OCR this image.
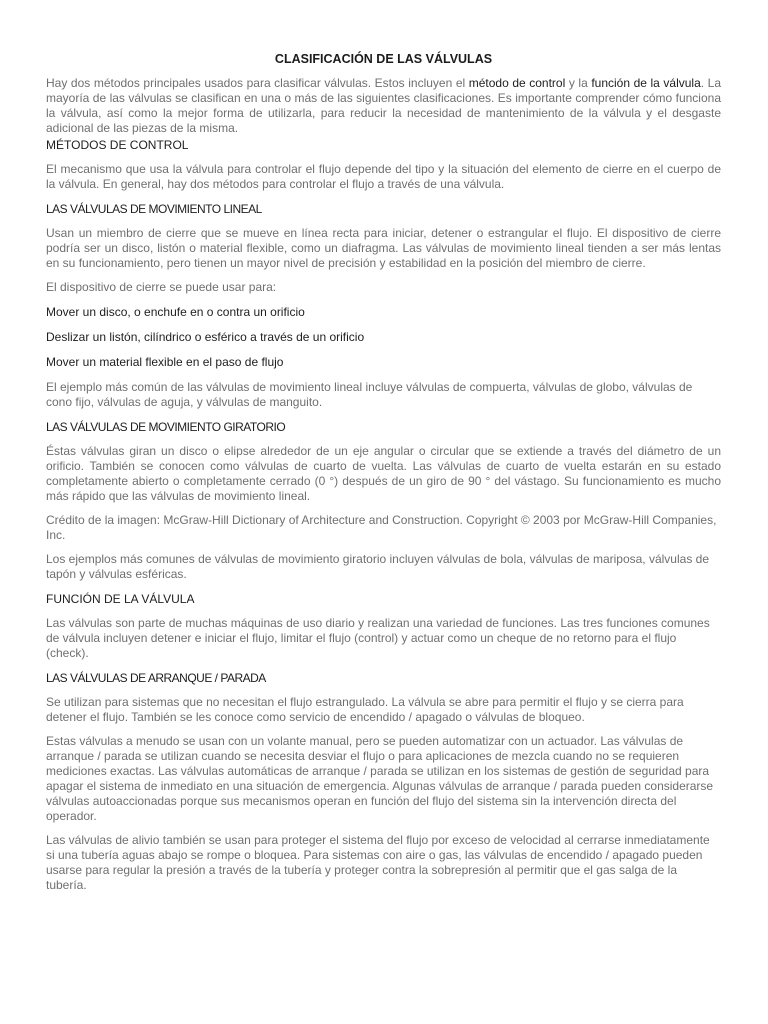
CLASIFICACIÓN DE LAS VÁLVULAS

Hay dos métodos principales usados para clasificar válvulas. Estos incluyen el método de control y la función de la válvula. La mayoría de las válvulas se clasifican en una o más de las siguientes clasificaciones. Es importante comprender cómo funciona la válvula, así como la mejor forma de utilizarla, para reducir la necesidad de mantenimiento de la válvula y el desgaste adicional de las piezas de la misma.

MÉTODOS DE CONTROL

El mecanismo que usa la válvula para controlar el flujo depende del tipo y la situación del elemento de cierre en el cuerpo de la válvula. En general, hay dos métodos para controlar el flujo a través de una válvula.

LAS VÁLVULAS DE MOVIMIENTO LINEAL

Usan un miembro de cierre que se mueve en línea recta para iniciar, detener o estrangular el flujo. El dispositivo de cierre podría ser un disco, listón o material flexible, como un diafragma. Las válvulas de movimiento lineal tienden a ser más lentas en su funcionamiento, pero tienen un mayor nivel de precisión y estabilidad en la posición del miembro de cierre.

El dispositivo de cierre se puede usar para:

Mover un disco, o enchufe en o contra un orificio

Deslizar un listón, cilíndrico o esférico a través de un orificio

Mover un material flexible en el paso de flujo

El ejemplo más común de las válvulas de movimiento lineal incluye válvulas de compuerta, válvulas de globo, válvulas de cono fijo, válvulas de aguja, y válvulas de manguito.

LAS VÁLVULAS DE MOVIMIENTO GIRATORIO

Éstas válvulas giran un disco o elipse alrededor de un eje angular o circular que se extiende a través del diámetro de un orificio. También se conocen como válvulas de cuarto de vuelta. Las válvulas de cuarto de vuelta estarán en su estado completamente abierto o completamente cerrado (0 °) después de un giro de 90 ° del vástago. Su funcionamiento es mucho más rápido que las válvulas de movimiento lineal.

Crédito de la imagen: McGraw-Hill Dictionary of Architecture and Construction. Copyright © 2003 por McGraw-Hill Companies, Inc.

Los ejemplos más comunes de válvulas de movimiento giratorio incluyen válvulas de bola, válvulas de mariposa, válvulas de tapón y válvulas esféricas.

FUNCIÓN DE LA VÁLVULA

Las válvulas son parte de muchas máquinas de uso diario y realizan una variedad de funciones. Las tres funciones comunes de válvula incluyen detener e iniciar el flujo, limitar el flujo (control) y actuar como un cheque de no retorno para el flujo (check).

LAS VÁLVULAS DE ARRANQUE / PARADA

Se utilizan para sistemas que no necesitan el flujo estrangulado. La válvula se abre para permitir el flujo y se cierra para detener el flujo. También se les conoce como servicio de encendido / apagado o válvulas de bloqueo.

Estas válvulas a menudo se usan con un volante manual, pero se pueden automatizar con un actuador. Las válvulas de arranque / parada se utilizan cuando se necesita desviar el flujo o para aplicaciones de mezcla cuando no se requieren mediciones exactas. Las válvulas automáticas de arranque / parada se utilizan en los sistemas de gestión de seguridad para apagar el sistema de inmediato en una situación de emergencia. Algunas válvulas de arranque / parada pueden considerarse válvulas autoaccionadas porque sus mecanismos operan en función del flujo del sistema sin la intervención directa del operador.

Las válvulas de alivio también se usan para proteger el sistema del flujo por exceso de velocidad al cerrarse inmediatamente si una tubería aguas abajo se rompe o bloquea. Para sistemas con aire o gas, las válvulas de encendido / apagado pueden usarse para regular la presión a través de la tubería y proteger contra la sobrepresión al permitir que el gas salga de la tubería.
